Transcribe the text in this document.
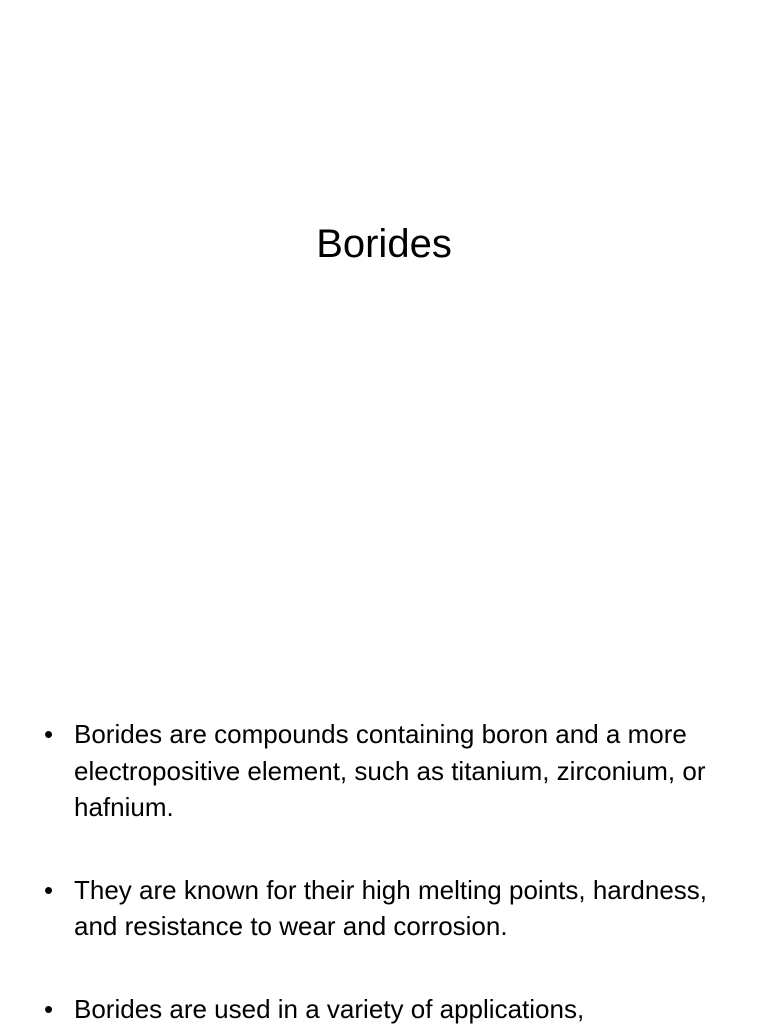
Borides
• Borides are compounds containing boron and a more electropositive element, such as titanium, zirconium, or hafnium.
• They are known for their high melting points, hardness, and resistance to wear and corrosion.
• Borides are used in a variety of applications,
